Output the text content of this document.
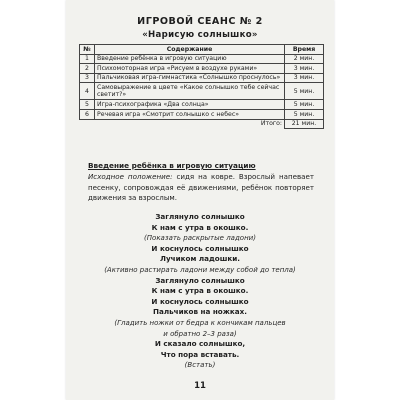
ИГРОВОЙ СЕАНС № 2
«Нарисую солнышко»
№	Содержание	Время
1	Введение ребёнка в игровую ситуацию	2 мин.
2	Психомоторная игра «Рисуем в воздухе руками»	3 мин.
3	Пальчиковая игра-гимнастика «Солнышко проснулось»	3 мин.
4	Самовыражение в цвете «Какое солнышко тебе сейчас светит?»	5 мин.
5	Игра-психографика «Два солнца»	5 мин.
6	Речевая игра «Смотрит солнышко с небес»	5 мин.
	Итого:	21 мин.
Введение ребёнка в игровую ситуацию
Исходное положение: сидя на ковре. Взрослый напевает песенку, сопровождая её движениями, ребёнок повторяет движения за взрослым.
Заглянуло солнышко
К нам с утра в окошко.
(Показать раскрытые ладони)
И коснулось солнышко
Лучиком ладошки.
(Активно растирать ладони между собой до тепла)
Заглянуло солнышко
К нам с утра в окошко.
И коснулось солнышко
Пальчиков на ножках.
(Гладить ножки от бедра к кончикам пальцев
и обратно 2–3 раза)
И сказало солнышко,
Что пора вставать.
(Встать)
11
